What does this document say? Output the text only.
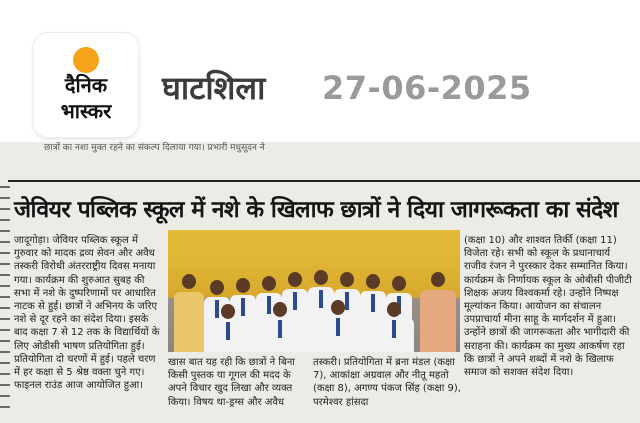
दैनिक
भास्कर
घाटशिला 27-06-2025
छात्रों का नशा मुक्त रहने का संकल्प दिलाया गया। प्रभारी मधुसूदन ने
जेवियर पब्लिक स्कूल में नशे के खिलाफ छात्रों ने दिया जागरूकता का संदेश

जादूगोड़ा। जेवियर पब्लिक स्कूल में गुरुवार को मादक द्रव्य सेवन और अवैध तस्करी विरोधी अंतरराष्ट्रीय दिवस मनाया गया। कार्यक्रम की शुरुआत सुबह की सभा में नशे के दुष्परिणामों पर आधारित नाटक से हुई। छात्रों ने अभिनय के जरिए नशे से दूर रहने का संदेश दिया। इसके बाद कक्षा 7 से 12 तक के विद्यार्थियों के लिए ओडीसी भाषण प्रतियोगिता हुई। प्रतियोगिता दो चरणों में हुई। पहले चरण में हर कक्षा से 5 श्रेष्ठ वक्ता चुने गए। फाइनल राउंड आज आयोजित हुआ।

खास बात यह रही कि छात्रों ने बिना किसी पुस्तक या गूगल की मदद के अपने विचार खुद लिखा और व्यक्त किया। विषय था-ड्रग्स और अवैध

तस्करी। प्रतियोगिता में ब्रना मंडल (कक्षा 7), आकांक्षा अग्रवाल और नीतू महतो (कक्षा 8), अगण्य पंकज सिंह (कक्षा 9), परमेश्वर हांसदा

(कक्षा 10) और शाश्वत तिर्की (कक्षा 11) विजेता रहे। सभी को स्कूल के प्रधानाचार्य राजीव रंजन ने पुरस्कार देकर सम्मानित किया। कार्यक्रम के निर्णायक स्कूल के ओबीसी पीजीटी शिक्षक अजय विश्वकर्मा रहे। उन्होंने निष्पक्ष मूल्यांकन किया। आयोजन का संचालन उपप्राचार्या मीना साहू के मार्गदर्शन में हुआ। उन्होंने छात्रों की जागरूकता और भागीदारी की सराहना की। कार्यक्रम का मुख्य आकर्षण रहा कि छात्रों ने अपने शब्दों में नशे के खिलाफ समाज को सशक्त संदेश दिया।
